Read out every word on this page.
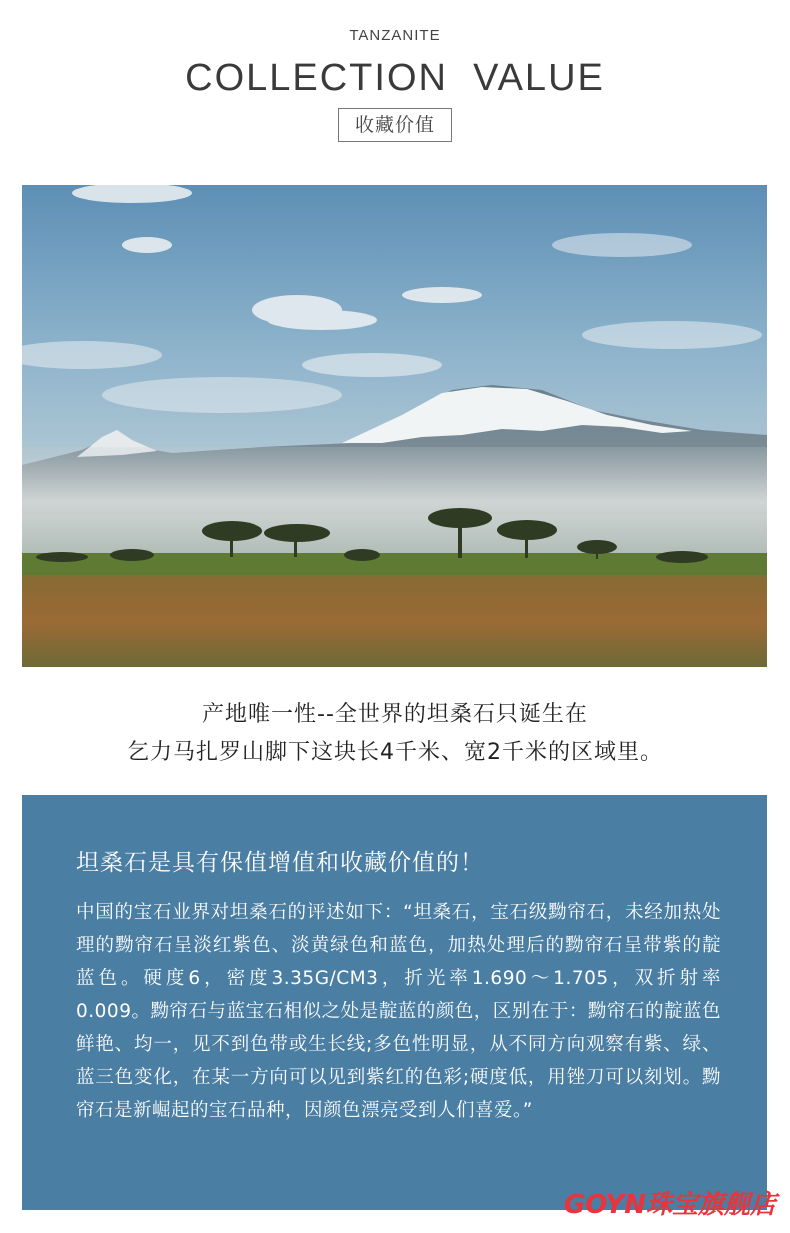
TANZANITE
COLLECTION  VALUE
收藏价值
产地唯一性--全世界的坦桑石只诞生在
乞力马扎罗山脚下这块长4千米、宽2千米的区域里。
坦桑石是具有保值增值和收藏价值的！
中国的宝石业界对坦桑石的评述如下：“坦桑石，宝石级黝帘石，未经加热处理的黝帘石呈淡红紫色、淡黄绿色和蓝色，加热处理后的黝帘石呈带紫的靛蓝色。硬度6，密度3.35G/CM3，折光率1.690～1.705，双折射率0.009。黝帘石与蓝宝石相似之处是靛蓝的颜色，区别在于：黝帘石的靛蓝色鲜艳、均一，见不到色带或生长线;多色性明显，从不同方向观察有紫、绿、蓝三色变化，在某一方向可以见到紫红的色彩;硬度低，用锉刀可以刻划。黝帘石是新崛起的宝石品种，因颜色漂亮受到人们喜爱。”
GOYN珠宝旗舰店
